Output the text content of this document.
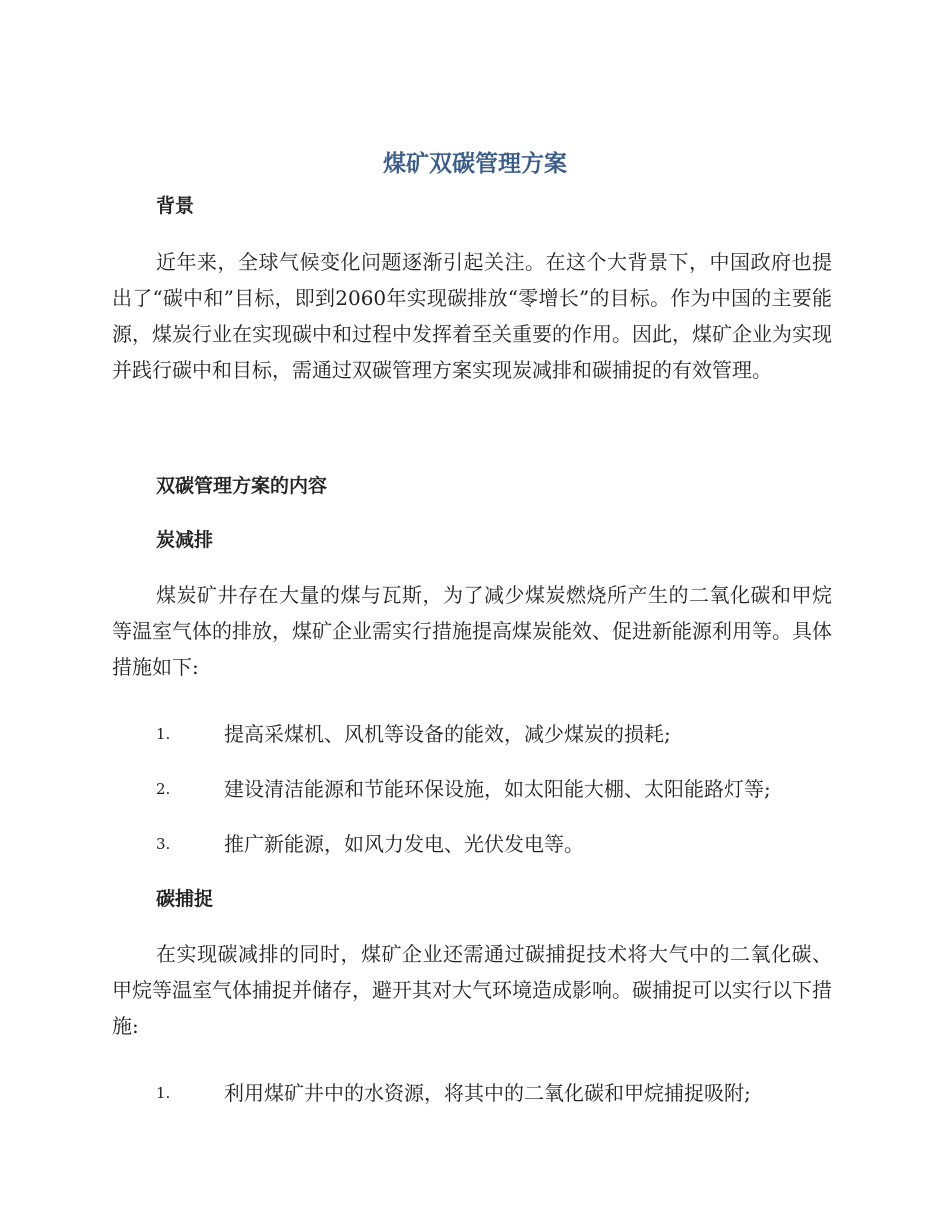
煤矿双碳管理方案
背景

近年来，全球气候变化问题逐渐引起关注。在这个大背景下，中国政府也提出了“碳中和”目标，即到2060年实现碳排放“零增长”的目标。作为中国的主要能源，煤炭行业在实现碳中和过程中发挥着至关重要的作用。因此，煤矿企业为实现并践行碳中和目标，需通过双碳管理方案实现炭减排和碳捕捉的有效管理。

双碳管理方案的内容
炭减排

煤炭矿井存在大量的煤与瓦斯，为了减少煤炭燃烧所产生的二氧化碳和甲烷等温室气体的排放，煤矿企业需实行措施提高煤炭能效、促进新能源利用等。具体措施如下:

1.	提高采煤机、风机等设备的能效，减少煤炭的损耗;
2.	建设清洁能源和节能环保设施，如太阳能大棚、太阳能路灯等;
3.	推广新能源，如风力发电、光伏发电等。
碳捕捉

在实现碳减排的同时，煤矿企业还需通过碳捕捉技术将大气中的二氧化碳、甲烷等温室气体捕捉并储存，避开其对大气环境造成影响。碳捕捉可以实行以下措施:

1.	利用煤矿井中的水资源，将其中的二氧化碳和甲烷捕捉吸附;
